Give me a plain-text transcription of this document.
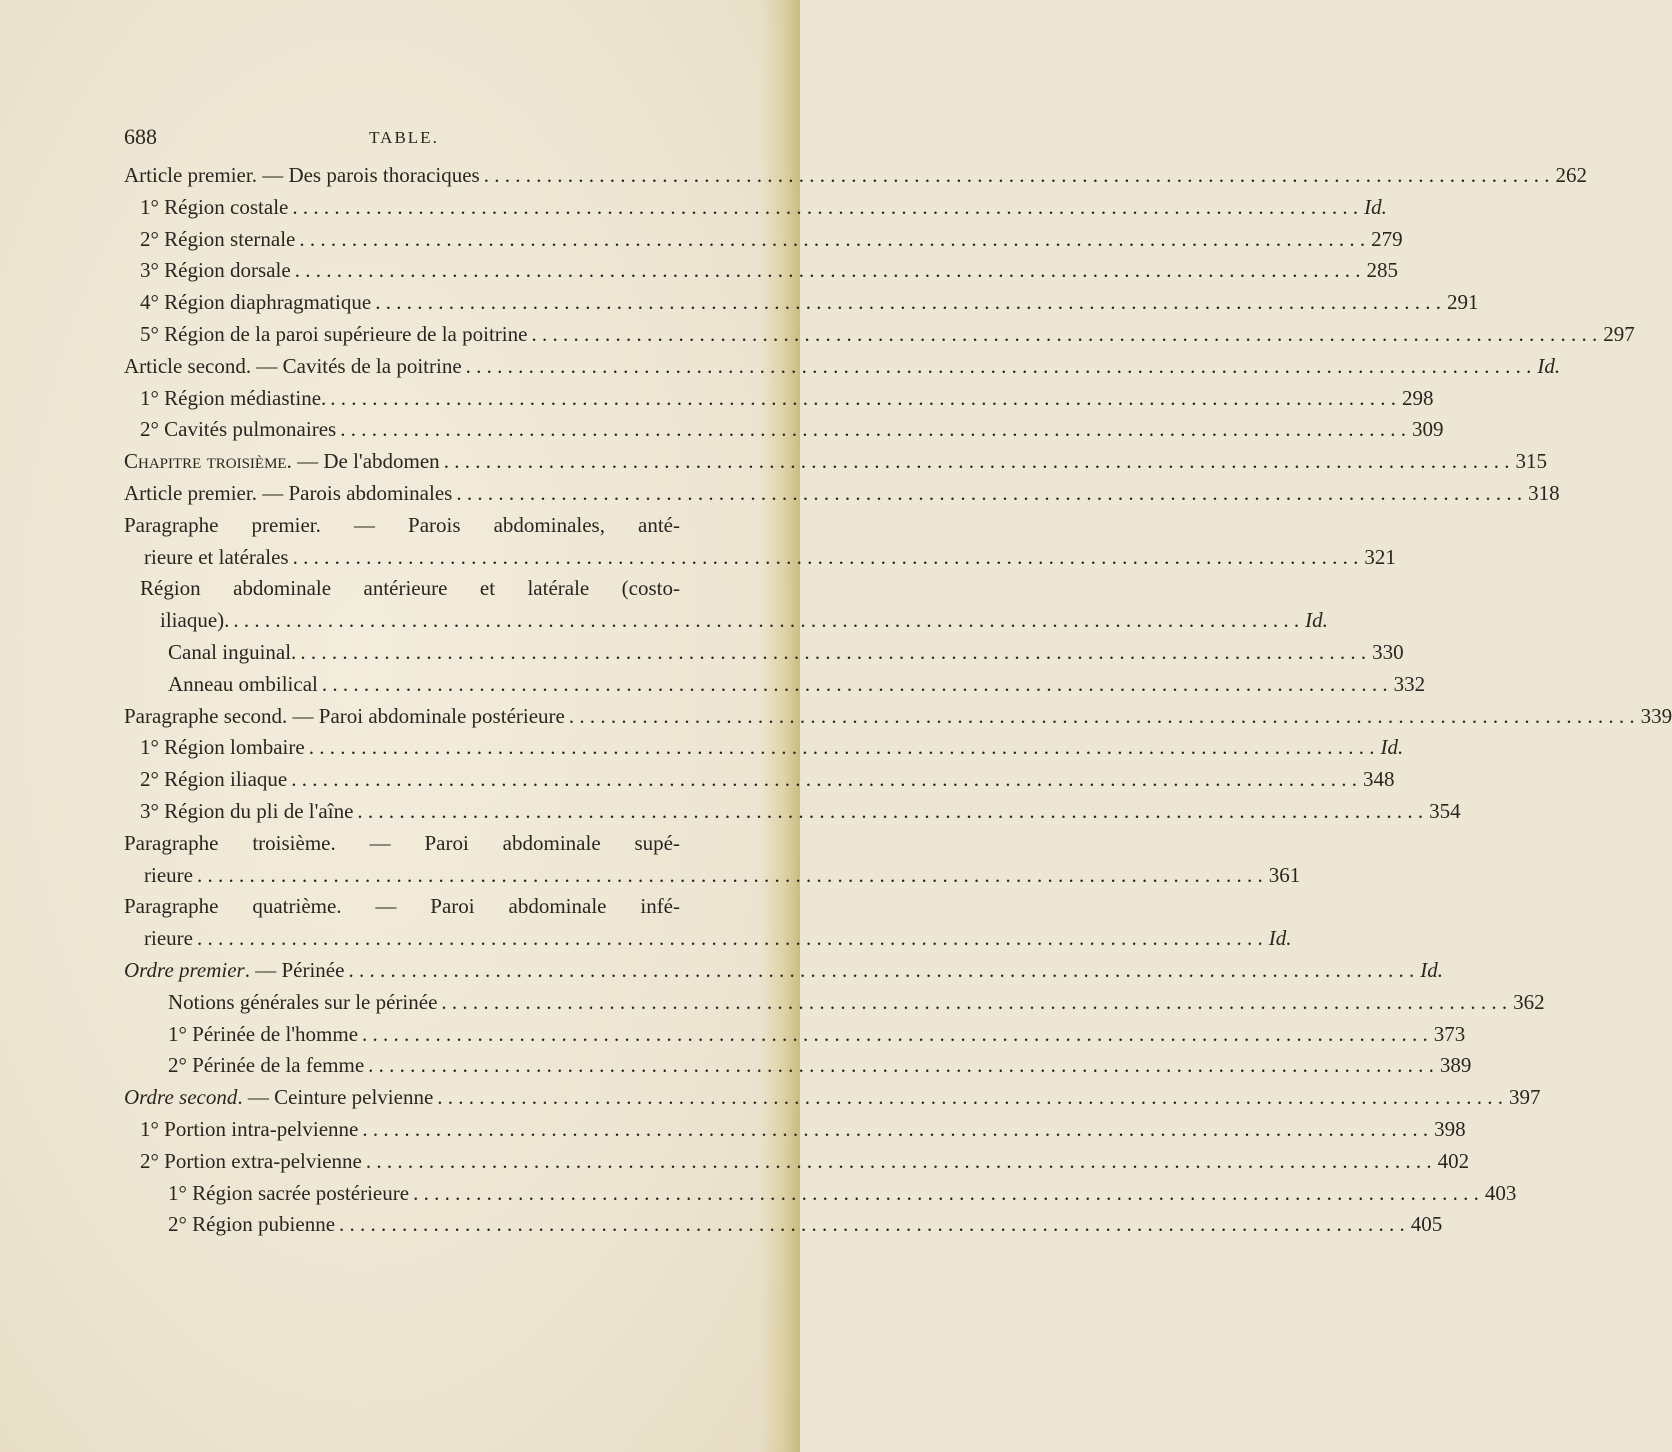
688	TABLE.
Article premier. — Des parois thoraciques . . .	262
1° Région costale . . .	Id.
2° Région sternale . . .	279
3° Région dorsale . . .	285
4° Région diaphragmatique . . .	291
5° Région de la paroi supérieure de la poitrine . . .	297
Article second. — Cavités de la poitrine . . .	Id.
1° Région médiastine. . . .	298
2° Cavités pulmonaires . . .	309
Chapitre troisième. — De l'abdomen . . .	315
Article premier. — Parois abdominales . . .	318
Paragraphe premier. — Parois abdominales, anté-
rieure et latérales . . .	321
Région abdominale antérieure et latérale (costo-
iliaque). . . .	Id.
Canal inguinal. . . .	330
Anneau ombilical . . .	332
Paragraphe second. — Paroi abdominale postérieure . . .	339
1° Région lombaire . . .	Id.
2° Région iliaque . . .	348
3° Région du pli de l'aîne . . .	354
Paragraphe troisième. — Paroi abdominale supé-
rieure . . .	361
Paragraphe quatrième. — Paroi abdominale infé-
rieure . . .	Id.
Ordre premier. — Périnée . . .	Id.
Notions générales sur le périnée . . .	362
1° Périnée de l'homme . . .	373
2° Périnée de la femme . . .	389
Ordre second. — Ceinture pelvienne . . .	397
1° Portion intra-pelvienne . . .	398
2° Portion extra-pelvienne . . .	402
1° Région sacrée postérieure . . .	403
2° Région pubienne . . .	405
